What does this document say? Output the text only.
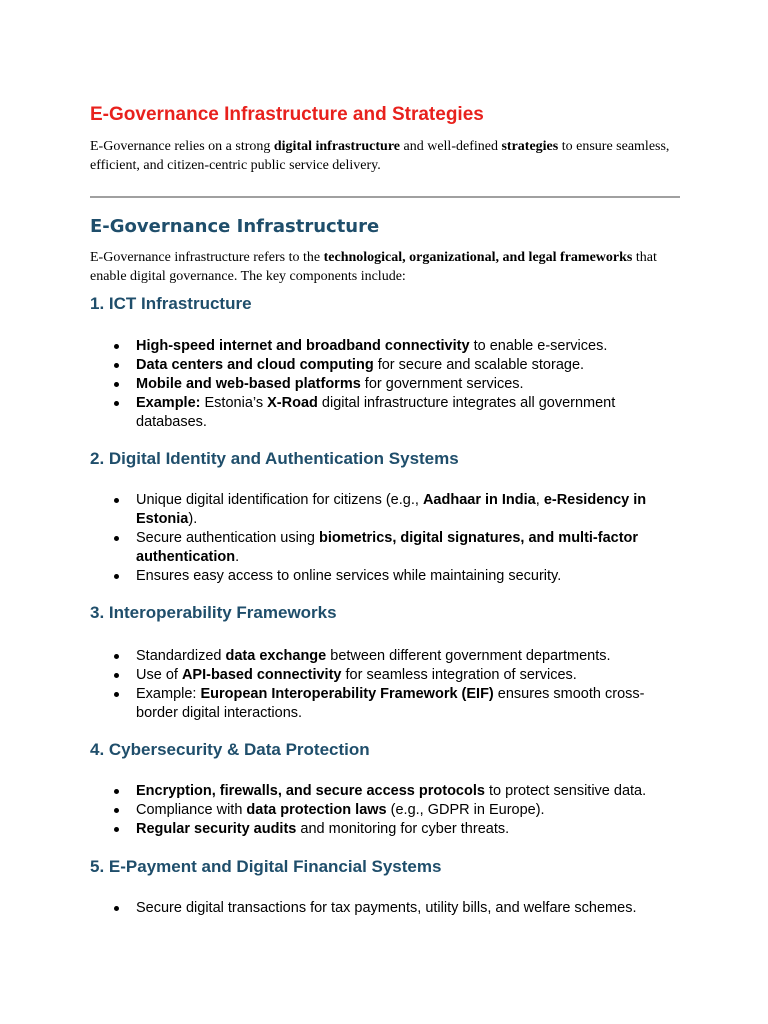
E-Governance Infrastructure and Strategies

E-Governance relies on a strong digital infrastructure and well-defined strategies to ensure seamless, efficient, and citizen-centric public service delivery.

E-Governance Infrastructure

E-Governance infrastructure refers to the technological, organizational, and legal frameworks that enable digital governance. The key components include:

1. ICT Infrastructure
High-speed internet and broadband connectivity to enable e-services.
Data centers and cloud computing for secure and scalable storage.
Mobile and web-based platforms for government services.
Example: Estonia’s X-Road digital infrastructure integrates all government databases.
2. Digital Identity and Authentication Systems
Unique digital identification for citizens (e.g., Aadhaar in India, e-Residency in Estonia).
Secure authentication using biometrics, digital signatures, and multi-factor authentication.
Ensures easy access to online services while maintaining security.
3. Interoperability Frameworks
Standardized data exchange between different government departments.
Use of API-based connectivity for seamless integration of services.
Example: European Interoperability Framework (EIF) ensures smooth cross-border digital interactions.
4. Cybersecurity & Data Protection
Encryption, firewalls, and secure access protocols to protect sensitive data.
Compliance with data protection laws (e.g., GDPR in Europe).
Regular security audits and monitoring for cyber threats.
5. E-Payment and Digital Financial Systems
Secure digital transactions for tax payments, utility bills, and welfare schemes.
